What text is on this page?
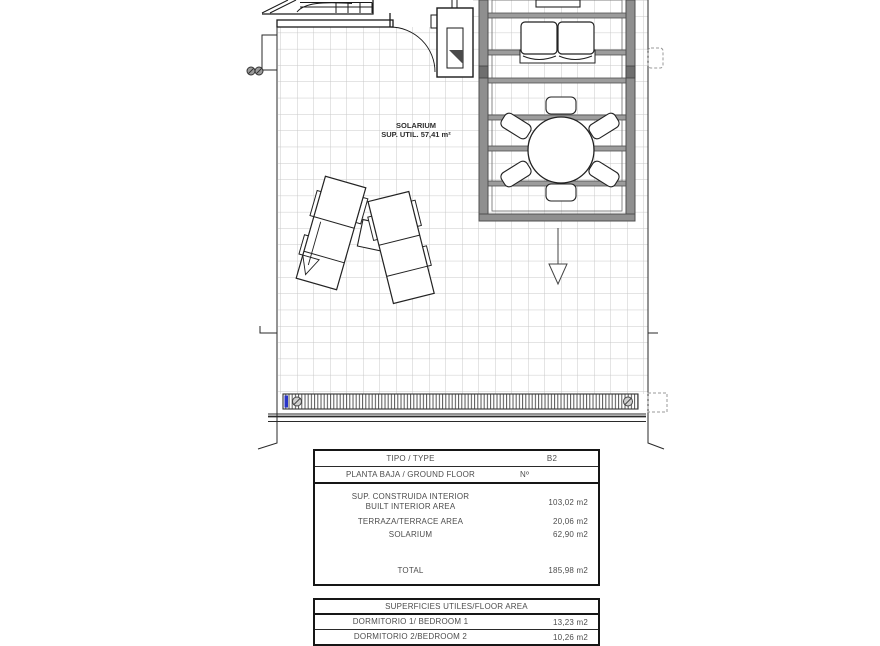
SOLARIUM
SUP. UTIL. 57,41 m²
TIPO / TYPE	B2
PLANTA BAJA / GROUND FLOOR	Nº
SUP. CONSTRUIDA INTERIOR
BUILT INTERIOR AREA	103,02 m2
TERRAZA/TERRACE AREA	20,06 m2
SOLARIUM	62,90 m2
TOTAL	185,98 m2
SUPERFICIES UTILES/FLOOR AREA
DORMITORIO 1/ BEDROOM 1	13,23 m2
DORMITORIO 2/BEDROOM 2	10,26 m2
